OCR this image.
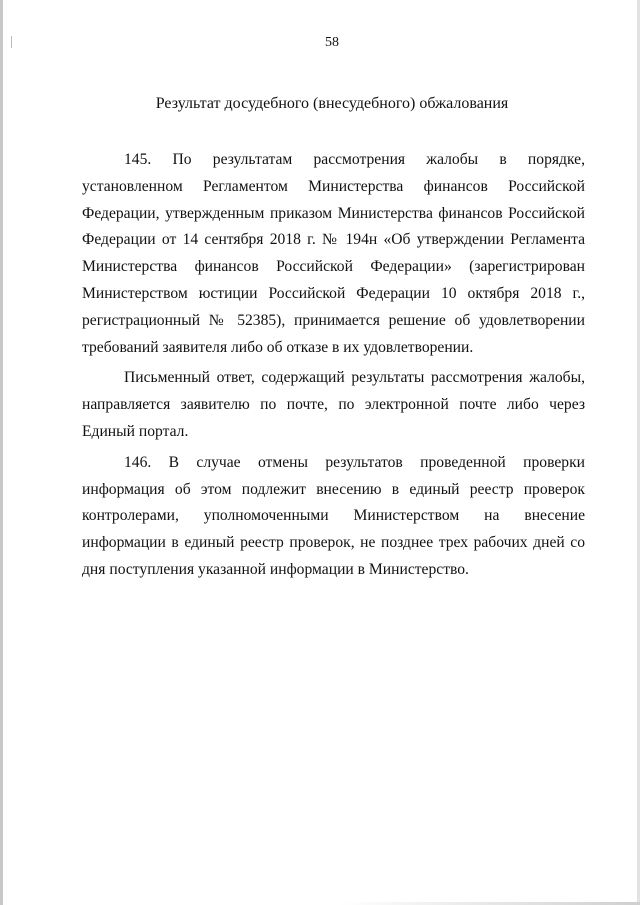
58
Результат досудебного (внесудебного) обжалования

145. По результатам рассмотрения жалобы в порядке, установленном Регламентом Министерства финансов Российской Федерации, утвержденным приказом Министерства финансов Российской Федерации от 14 сентября 2018 г. № 194н «Об утверждении Регламента Министерства финансов Российской Федерации» (зарегистрирован Министерством юстиции Российской Федерации 10 октября 2018 г., регистрационный № 52385), принимается решение об удовлетворении требований заявителя либо об отказе в их удовлетворении.

Письменный ответ, содержащий результаты рассмотрения жалобы, направляется заявителю по почте, по электронной почте либо через Единый портал.

146. В случае отмены результатов проведенной проверки информация об этом подлежит внесению в единый реестр проверок контролерами, уполномоченными Министерством на внесение информации в единый реестр проверок, не позднее трех рабочих дней со дня поступления указанной информации в Министерство.
